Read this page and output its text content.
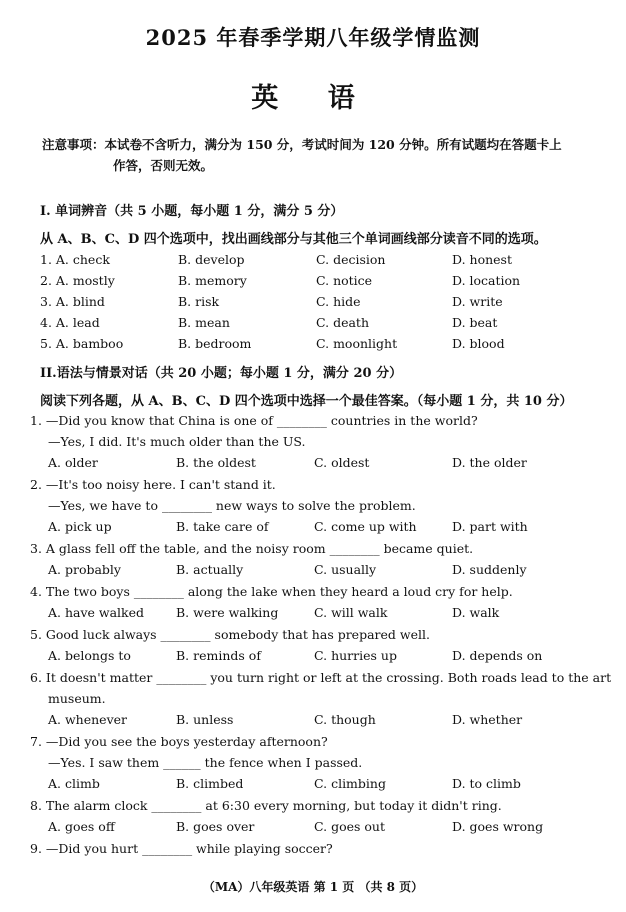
2025 年春季学期八年级学情监测
英 语
注意事项：本试卷不含听力，满分为 150 分，考试时间为 120 分钟。所有试题均在答题卡上
作答，否则无效。
I. 单词辨音（共 5 小题，每小题 1 分，满分 5 分）
从 A、B、C、D 四个选项中，找出画线部分与其他三个单词画线部分读音不同的选项。
1. A. check	B. develop	C. decision	D. honest
2. A. mostly	B. memory	C. notice	D. location
3. A. blind	B. risk	C. hide	D. write
4. A. lead	B. mean	C. death	D. beat
5. A. bamboo	B. bedroom	C. moonlight	D. blood
II.语法与情景对话（共 20 小题；每小题 1 分，满分 20 分）
阅读下列各题，从 A、B、C、D 四个选项中选择一个最佳答案。（每小题 1 分，共 10 分）
1. —Did you know that China is one of ________ countries in the world?
—Yes, I did. It's much older than the US.
A. older	B. the oldest	C. oldest	D. the older
2. —It's too noisy here. I can't stand it.
—Yes, we have to ________ new ways to solve the problem.
A. pick up	B. take care of	C. come up with	D. part with
3. A glass fell off the table, and the noisy room ________ became quiet.
A. probably	B. actually	C. usually	D. suddenly
4. The two boys ________ along the lake when they heard a loud cry for help.
A. have walked	B. were walking	C. will walk	D. walk
5. Good luck always ________ somebody that has prepared well.
A. belongs to	B. reminds of	C. hurries up	D. depends on
6. It doesn't matter ________ you turn right or left at the crossing. Both roads lead to the art
museum.
A. whenever	B. unless	C. though	D. whether
7. —Did you see the boys yesterday afternoon?
—Yes. I saw them ______ the fence when I passed.
A. climb	B. climbed	C. climbing	D. to climb
8. The alarm clock ________ at 6:30 every morning, but today it didn't ring.
A. goes off	B. goes over	C. goes out	D. goes wrong
9. —Did you hurt ________ while playing soccer?
（MA）八年级英语 第 1 页 （共 8 页）
